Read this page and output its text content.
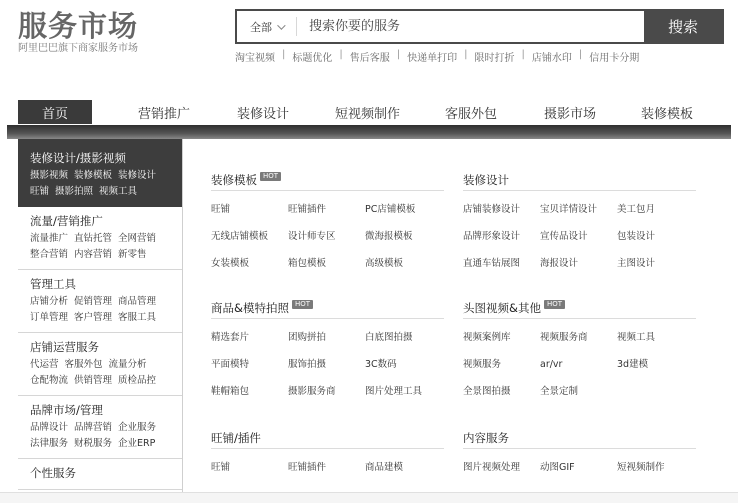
服务市场
阿里巴巴旗下商家服务市场
全部
搜索你要的服务	搜索
淘宝视频 | 标题优化 | 售后客服 | 快递单打印 | 限时打折 | 店铺水印 | 信用卡分期
首页	营销推广	装修设计	短视频制作	客服外包	摄影市场	装修模板
装修设计/摄影视频
摄影视频 装修模板 装修设计
旺铺 摄影拍照 视频工具
流量/营销推广
流量推广 直钻托管 全网营销
整合营销 内容营销 新零售
管理工具
店铺分析 促销管理 商品管理
订单管理 客户管理 客服工具
店铺运营服务
代运营 客服外包 流量分析
仓配物流 供销管理 质检品控
品牌市场/管理
品牌设计 品牌营销 企业服务
法律服务 财税服务 企业ERP
个性服务
装修模板 HOT
旺铺	旺铺插件	PC店铺模板
无线店铺模板	设计师专区	微海报模板
女装模板	箱包模板	高级模板
装修设计
店铺装修设计	宝贝详情设计	美工包月
品牌形象设计	宣传品设计	包装设计
直通车钻展图	海报设计	主图设计
商品&模特拍照 HOT
精选套片	团购拼拍	白底图拍摄
平面模特	服饰拍摄	3C数码
鞋帽箱包	摄影服务商	图片处理工具
头图视频&其他 HOT
视频案例库	视频服务商	视频工具
视频服务	ar/vr	3d建模
全景图拍摄	全景定制
旺铺/插件
旺铺	旺铺插件	商品建模
内容服务
图片视频处理	动图GIF	短视频制作
